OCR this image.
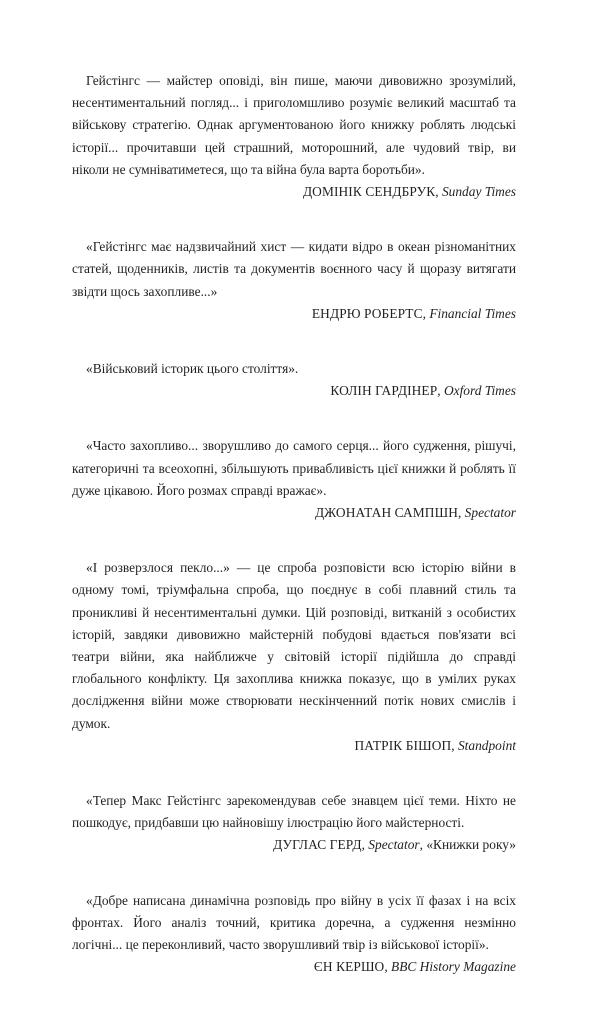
Гейстінгс — майстер оповіді, він пише, маючи дивовижно зрозумілий, несентиментальний погляд... і приголомшливо розуміє великий масштаб та військову стратегію. Однак аргументованою його книжку роблять людські історії... прочитавши цей страшний, моторошний, але чудовий твір, ви ніколи не сумніватиметеся, що та війна була варта боротьби».

ДОМІНІК СЕНДБРУК, Sunday Times

«Гейстінгс має надзвичайний хист — кидати відро в океан різноманітних статей, щоденників, листів та документів воєнного часу й щоразу витягати звідти щось захопливе...»

ЕНДРЮ РОБЕРТС, Financial Times

«Військовий історик цього століття».

КОЛІН ГАРДІНЕР, Oxford Times

«Часто захопливо... зворушливо до самого серця... його судження, рішучі, категоричні та всеохопні, збільшують привабливість цієї книжки й роблять її дуже цікавою. Його розмах справді вражає».

ДЖОНАТАН САМПШН, Spectator

«І розверзлося пекло...» — це спроба розповісти всю історію війни в одному томі, тріумфальна спроба, що поєднує в собі плавний стиль та проникливі й несентиментальні думки. Цій розповіді, витканій з особистих історій, завдяки дивовижно майстерній побудові вдається пов'язати всі театри війни, яка найближче у світовій історії підійшла до справді глобального конфлікту. Ця захоплива книжка показує, що в умілих руках дослідження війни може створювати нескінченний потік нових смислів і думок.

ПАТРІК БІШОП, Standpoint

«Тепер Макс Гейстінгс зарекомендував себе знавцем цієї теми. Ніхто не пошкодує, придбавши цю найновішу ілюстрацію його майстерності.

ДУГЛАС ГЕРД, Spectator, «Книжки року»

«Добре написана динамічна розповідь про війну в усіх її фазах і на всіх фронтах. Його аналіз точний, критика доречна, а судження незмінно логічні... це переконливий, часто зворушливий твір із військової історії».

ЄН КЕРШО, BBC History Magazine
